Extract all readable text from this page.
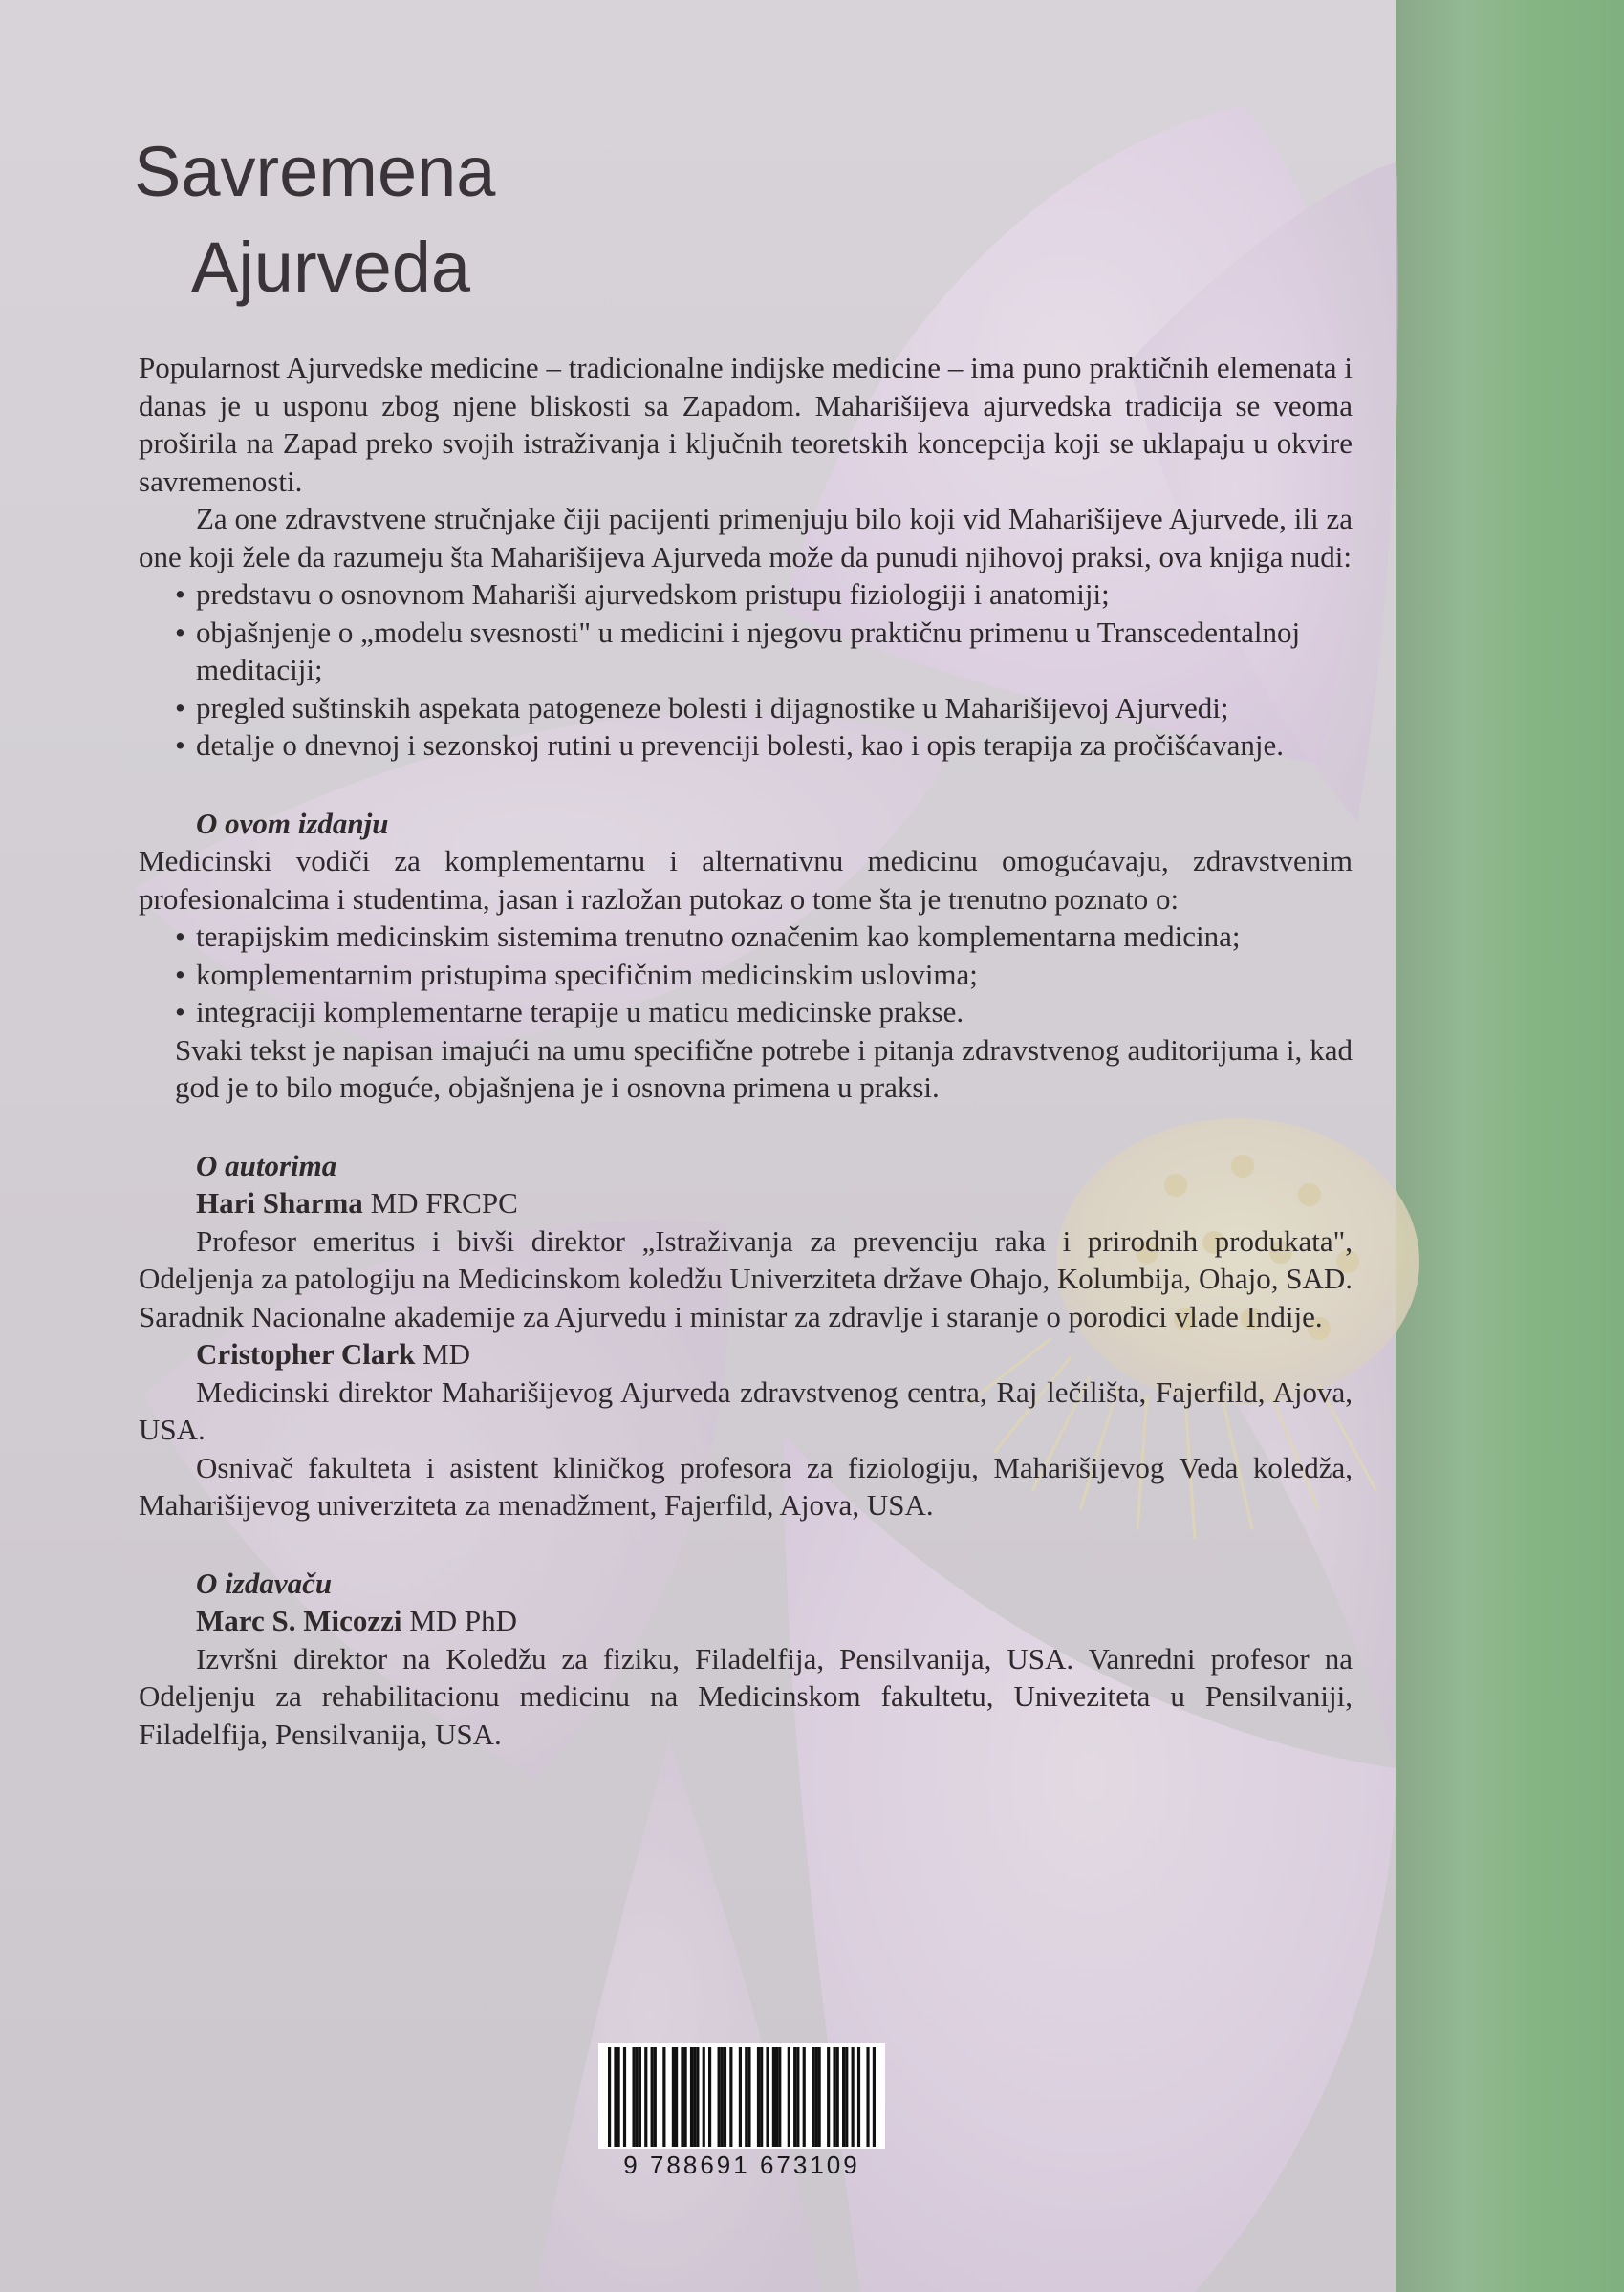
Savremena
Ajurveda

Popularnost Ajurvedske medicine – tradicionalne indijske medicine – ima puno praktičnih elemenata i danas je u usponu zbog njene bliskosti sa Zapadom. Maharišijeva ajurvedska tradicija se veoma proširila na Zapad preko svojih istraživanja i ključnih teoretskih koncepcija koji se uklapaju u okvire savremenosti.

Za one zdravstvene stručnjake čiji pacijenti primenjuju bilo koji vid Maharišijeve Ajurvede, ili za one koji žele da razumeju šta Maharišijeva Ajurveda može da punudi njihovoj praksi, ova knjiga nudi:

• predstavu o osnovnom Mahariši ajurvedskom pristupu fiziologiji i anatomiji;
• objašnjenje o „modelu svesnosti" u medicini i njegovu praktičnu primenu u Transcedentalnoj meditaciji;
• pregled suštinskih aspekata patogeneze bolesti i dijagnostike u Maharišijevoj Ajurvedi;
• detalje o dnevnoj i sezonskoj rutini u prevenciji bolesti, kao i opis terapija za pročišćavanje.

O ovom izdanju

Medicinski vodiči za komplementarnu i alternativnu medicinu omogućavaju, zdravstvenim profesionalcima i studentima, jasan i razložan putokaz o tome šta je trenutno poznato o:

• terapijskim medicinskim sistemima trenutno označenim kao komplementarna medicina;
• komplementarnim pristupima specifičnim medicinskim uslovima;
• integraciji komplementarne terapije u maticu medicinske prakse.

Svaki tekst je napisan imajući na umu specifične potrebe i pitanja zdravstvenog auditorijuma i, kad god je to bilo moguće, objašnjena je i osnovna primena u praksi.

O autorima

Hari Sharma MD FRCPC

Profesor emeritus i bivši direktor „Istraživanja za prevenciju raka i prirodnih produkata", Odeljenja za patologiju na Medicinskom koledžu Univerziteta države Ohajo, Kolumbija, Ohajo, SAD. Saradnik Nacionalne akademije za Ajurvedu i ministar za zdravlje i staranje o porodici vlade Indije.

Cristopher Clark MD

Medicinski direktor Maharišijevog Ajurveda zdravstvenog centra, Raj lečilišta, Fajerfild, Ajova, USA.

Osnivač fakulteta i asistent kliničkog profesora za fiziologiju, Maharišijevog Veda koledža, Maharišijevog univerziteta za menadžment, Fajerfild, Ajova, USA.

O izdavaču

Marc S. Micozzi MD PhD

Izvršni direktor na Koledžu za fiziku, Filadelfija, Pensilvanija, USA. Vanredni profesor na Odeljenju za rehabilitacionu medicinu na Medicinskom fakultetu, Univeziteta u Pensilvaniji, Filadelfija, Pensilvanija, USA.

9 788691 673109
